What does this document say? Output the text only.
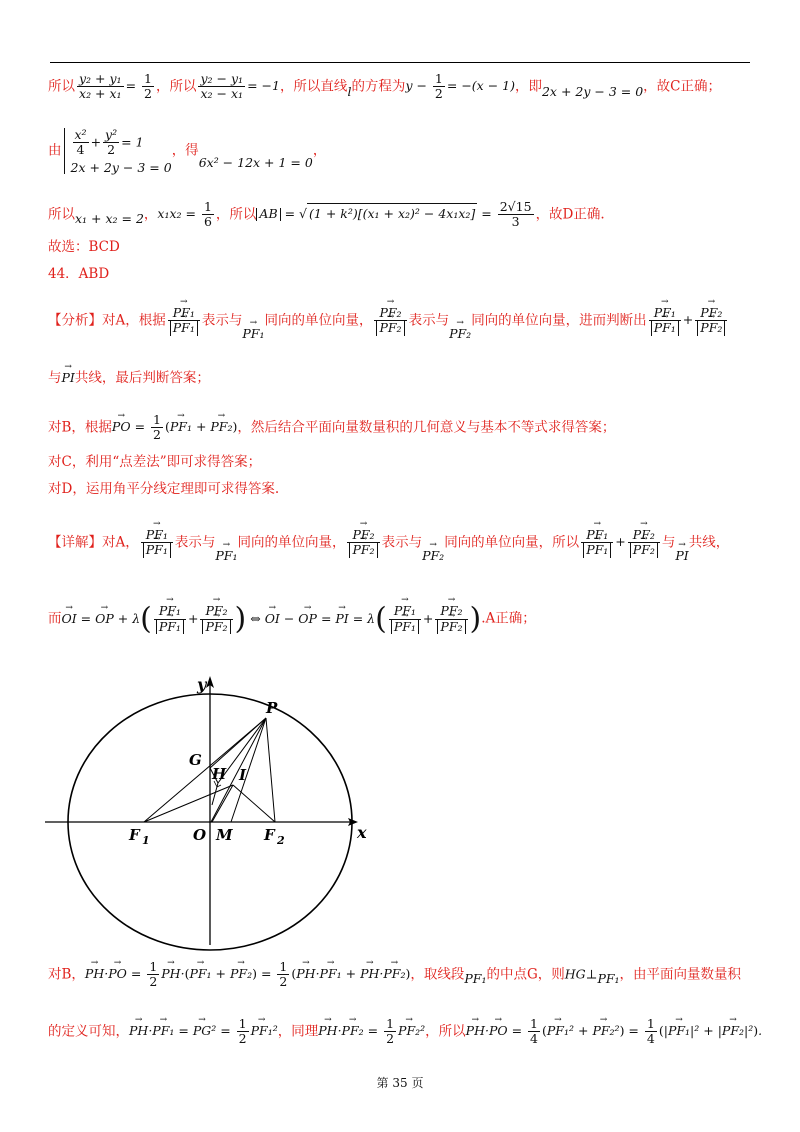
所以 $\frac{\text{y₂ + y₁}}{\text{x₂ + x₁}} = \frac{1}{2}$ ，所以 $\frac{\text{y₂ − y₁}}{\text{x₂ − x₁}} = -1$，所以直线l的方程为$y - \frac{1}{2} = -(x - 1)$，即2x + 2y − 3 = 0，故C正确；
由 $\frac{\text{x²}}{4} + \frac{\text{y²}}{2} = 1$
2x + 2y − 3 = 0
，得6x² − 12x + 1 = 0，
所以x₁ + x₂ = 2，$x_1x_2 = \frac{1}{6}$ ，所以 AB = √ $(1 + k^2)[(x_1 + x_2)^2 - 4x_1x_2] = \frac{2√15}{3}$ ，故D正确.
故选：BCD
44．ABD
【分析】对A，根据
→ PF₁
→ PF₁ 表示与→ PF₁同向的单位向量，
→ PF₂
→ PF₂ 表示与→ PF₂同向的单位向量，进而判断出
→ PF₁
→ PF₁ +
→ PF₂
→ PF₂
与→ PI共线，最后判断答案；
对B，根据→ PO = $\frac{1}{2}$ (→ PF₁ + → PF₂)，然后结合平面向量数量积的几何意义与基本不等式求得答案；
对C，利用“点差法”即可求得答案；
对D，运用角平分线定理即可求得答案.
【详解】对A，
→ PF₁
→ PF₁ 表示与→ PF₁同向的单位向量，
→ PF₂
→ PF₂ 表示与→ PF₂同向的单位向量，所以
→ PF₁
→ PF₁ +
→ PF₂
→ PF₂ 与→ PI共线，
而→ OI = → OP + λ(
→ PF₁
→ PF₁ +
→ PF₂
→ PF₂ ) ⇔ → OI − → OP = → PI = λ(
→ PF₁
→ PF₁ +
→ PF₂
→ PF₂ ).A正确；
y
x
P
G
H I
F 1	O M F 2
对B，→ PH·→ PO = $\frac{1}{2}$
→ PH·(→ PF₁ + → $PF_2) = \frac{1}{2}$ (→ PH·→ PF₁ + → PH·→ PF₂)，取线段PF₁的中点G，则HG⊥PF₁，由平面向量数量积
的定义可知，→ PH·→ PF₁ = → $PG^2 = \frac{1}{2}$
→ PF₁²，同理→ $PH\cdot\to PF_2 = \frac{1}{2}$
→ PF₂²，所以→ PH·→ PO = $\frac{1}{4}$ (→ PF₁² + → $PF_2^2) = \frac{1}{4}$ (|→ PF₁|² + |→ PF₂|²).
第 35 页
